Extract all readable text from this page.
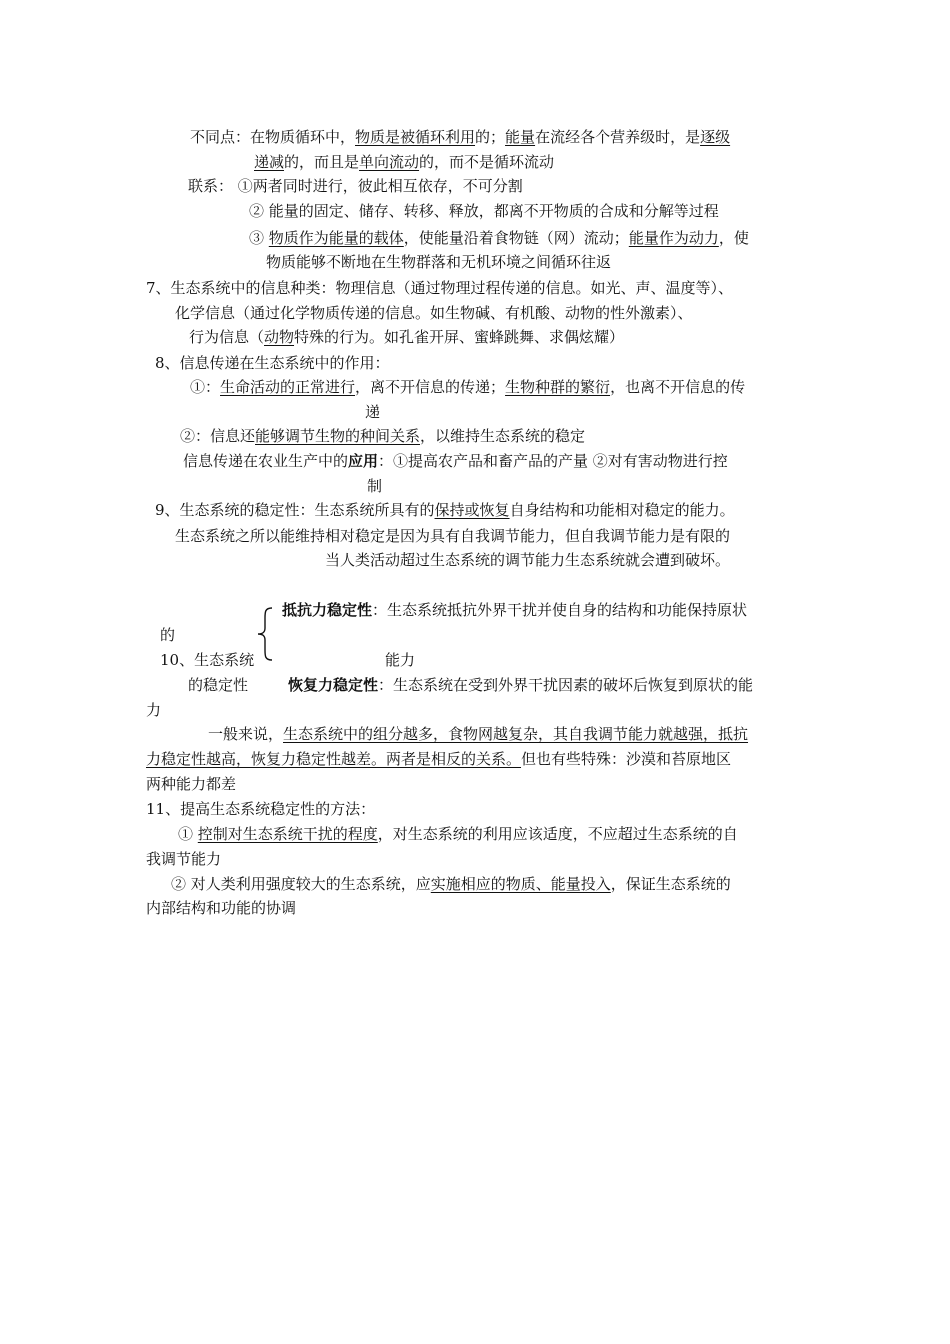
不同点：在物质循环中，物质是被循环利用的；能量在流经各个营养级时，是逐级
递减的，而且是单向流动的，而不是循环流动
联系： ①两者同时进行，彼此相互依存，不可分割
② 能量的固定、储存、转移、释放，都离不开物质的合成和分解等过程
③ 物质作为能量的载体，使能量沿着食物链（网）流动；能量作为动力，使
物质能够不断地在生物群落和无机环境之间循环往返
7、生态系统中的信息种类：物理信息（通过物理过程传递的信息。如光、声、温度等）、
化学信息（通过化学物质传递的信息。如生物碱、有机酸、动物的性外激素）、
行为信息（动物特殊的行为。如孔雀开屏、蜜蜂跳舞、求偶炫耀）
8、信息传递在生态系统中的作用：
①：生命活动的正常进行，离不开信息的传递；生物种群的繁衍，也离不开信息的传
递
②：信息还能够调节生物的种间关系，以维持生态系统的稳定
信息传递在农业生产中的应用：①提高农产品和畜产品的产量 ②对有害动物进行控
制
9、生态系统的稳定性：生态系统所具有的保持或恢复自身结构和功能相对稳定的能力。
生态系统之所以能维持相对稳定是因为具有自我调节能力，但自我调节能力是有限的
当人类活动超过生态系统的调节能力生态系统就会遭到破坏。
抵抗力稳定性：生态系统抵抗外界干扰并使自身的结构和功能保持原状
的
10、生态系统	能力
的稳定性	恢复力稳定性：生态系统在受到外界干扰因素的破坏后恢复到原状的能
力
一般来说，生态系统中的组分越多，食物网越复杂，其自我调节能力就越强，抵抗
力稳定性越高，恢复力稳定性越差。两者是相反的关系。但也有些特殊：沙漠和苔原地区
两种能力都差
11、提高生态系统稳定性的方法：
① 控制对生态系统干扰的程度，对生态系统的利用应该适度，不应超过生态系统的自
我调节能力
② 对人类利用强度较大的生态系统，应实施相应的物质、能量投入，保证生态系统的
内部结构和功能的协调
